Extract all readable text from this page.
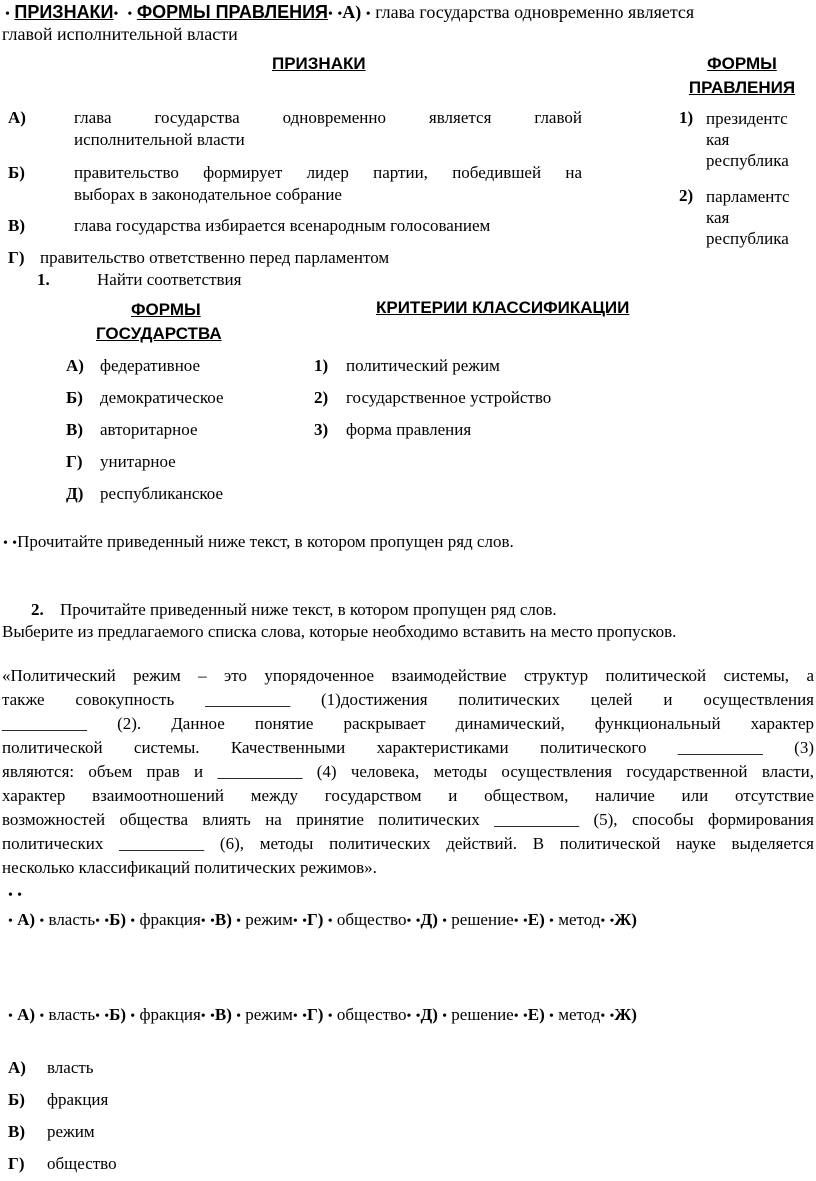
• ПРИЗНАКИ• • ФОРМЫ ПРАВЛЕНИЯ• •А) • глава государства одновременно является
главой исполнительной власти
ПРИЗНАКИ	ФОРМЫ
ПРАВЛЕНИЯ
А)	глава государства одновременно является главой
исполнительной власти
Б)	правительство формирует лидер партии, победившей на
выборах в законодательное собрание
В)	глава государства избирается всенародным голосованием
Г) правительство ответственно перед парламентом
1) президентс
кая
республика
2) парламентс
кая
республика
1.	Найти соответствия
ФОРМЫ
ГОСУДАРСТВА
КРИТЕРИИ КЛАССИФИКАЦИИ
А) федеративное
Б) демократическое
В) авторитарное
Г) унитарное
Д) республиканское
1) политический режим
2) государственное устройство
3) форма правления
• •Прочитайте приведенный ниже текст, в котором пропущен ряд слов.
2. Прочитайте приведенный ниже текст, в котором пропущен ряд слов.
Выберите из предлагаемого списка слова, которые необходимо вставить на место пропусков.
«Политический режим – это упорядоченное взаимодействие структур политической системы, а
также совокупность __________ (1)достижения политических целей и осуществления
__________ (2). Данное понятие раскрывает динамический, функциональный характер
политической системы. Качественными характеристиками политического __________ (3)
являются: объем прав и __________ (4) человека, методы осуществления государственной власти,
характер взаимоотношений между государством и обществом, наличие или отсутствие
возможностей общества влиять на принятие политических __________ (5), способы формирования
политических __________ (6), методы политических действий. В политической науке выделяется
несколько классификаций политических режимов».
• •
• А) • власть• •Б) • фракция• •В) • режим• •Г) • общество• •Д) • решение• •Е) • метод• •Ж)
• А) • власть• •Б) • фракция• •В) • режим• •Г) • общество• •Д) • решение• •Е) • метод• •Ж)
А) власть
Б) фракция
В) режим
Г) общество
